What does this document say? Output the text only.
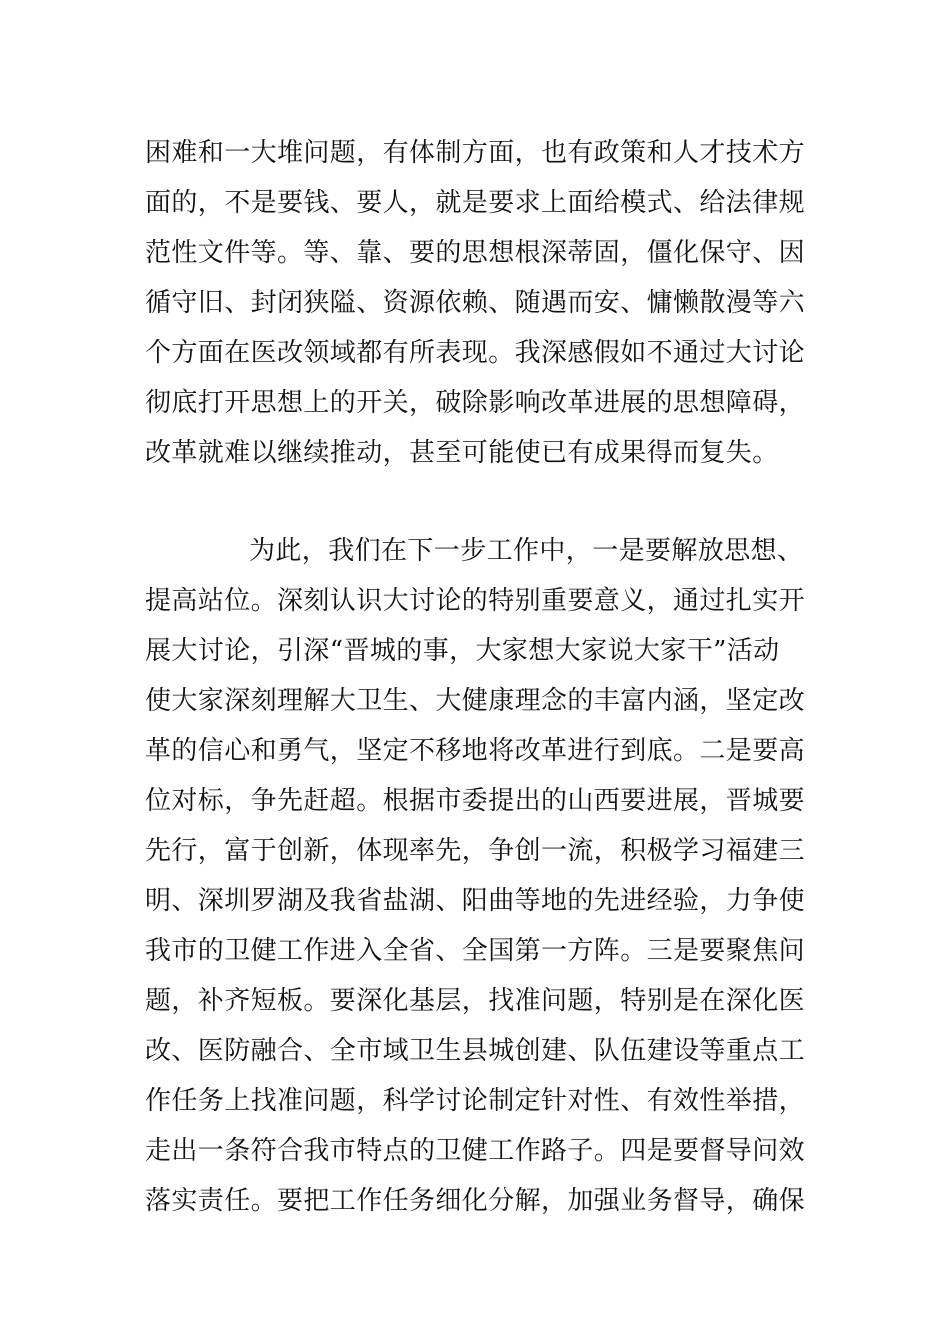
困难和一大堆问题，有体制方面，也有政策和人才技术方
面的，不是要钱、要人，就是要求上面给模式、给法律规
范性文件等。等、靠、要的思想根深蒂固，僵化保守、因
循守旧、封闭狭隘、资源依赖、随遇而安、慵懒散漫等六
个方面在医改领域都有所表现。我深感假如不通过大讨论
彻底打开思想上的开关，破除影响改革进展的思想障碍，
改革就难以继续推动，甚至可能使已有成果得而复失。
为此，我们在下一步工作中，一是要解放思想、
提高站位。深刻认识大讨论的特别重要意义，通过扎实开
展大讨论，引深“晋城的事，大家想大家说大家干”活动
使大家深刻理解大卫生、大健康理念的丰富内涵，坚定改
革的信心和勇气，坚定不移地将改革进行到底。二是要高
位对标，争先赶超。根据市委提出的山西要进展，晋城要
先行，富于创新，体现率先，争创一流，积极学习福建三
明、深圳罗湖及我省盐湖、阳曲等地的先进经验，力争使
我市的卫健工作进入全省、全国第一方阵。三是要聚焦问
题，补齐短板。要深化基层，找准问题，特别是在深化医
改、医防融合、全市域卫生县城创建、队伍建设等重点工
作任务上找准问题，科学讨论制定针对性、有效性举措，
走出一条符合我市特点的卫健工作路子。四是要督导问效
落实责任。要把工作任务细化分解，加强业务督导，确保
